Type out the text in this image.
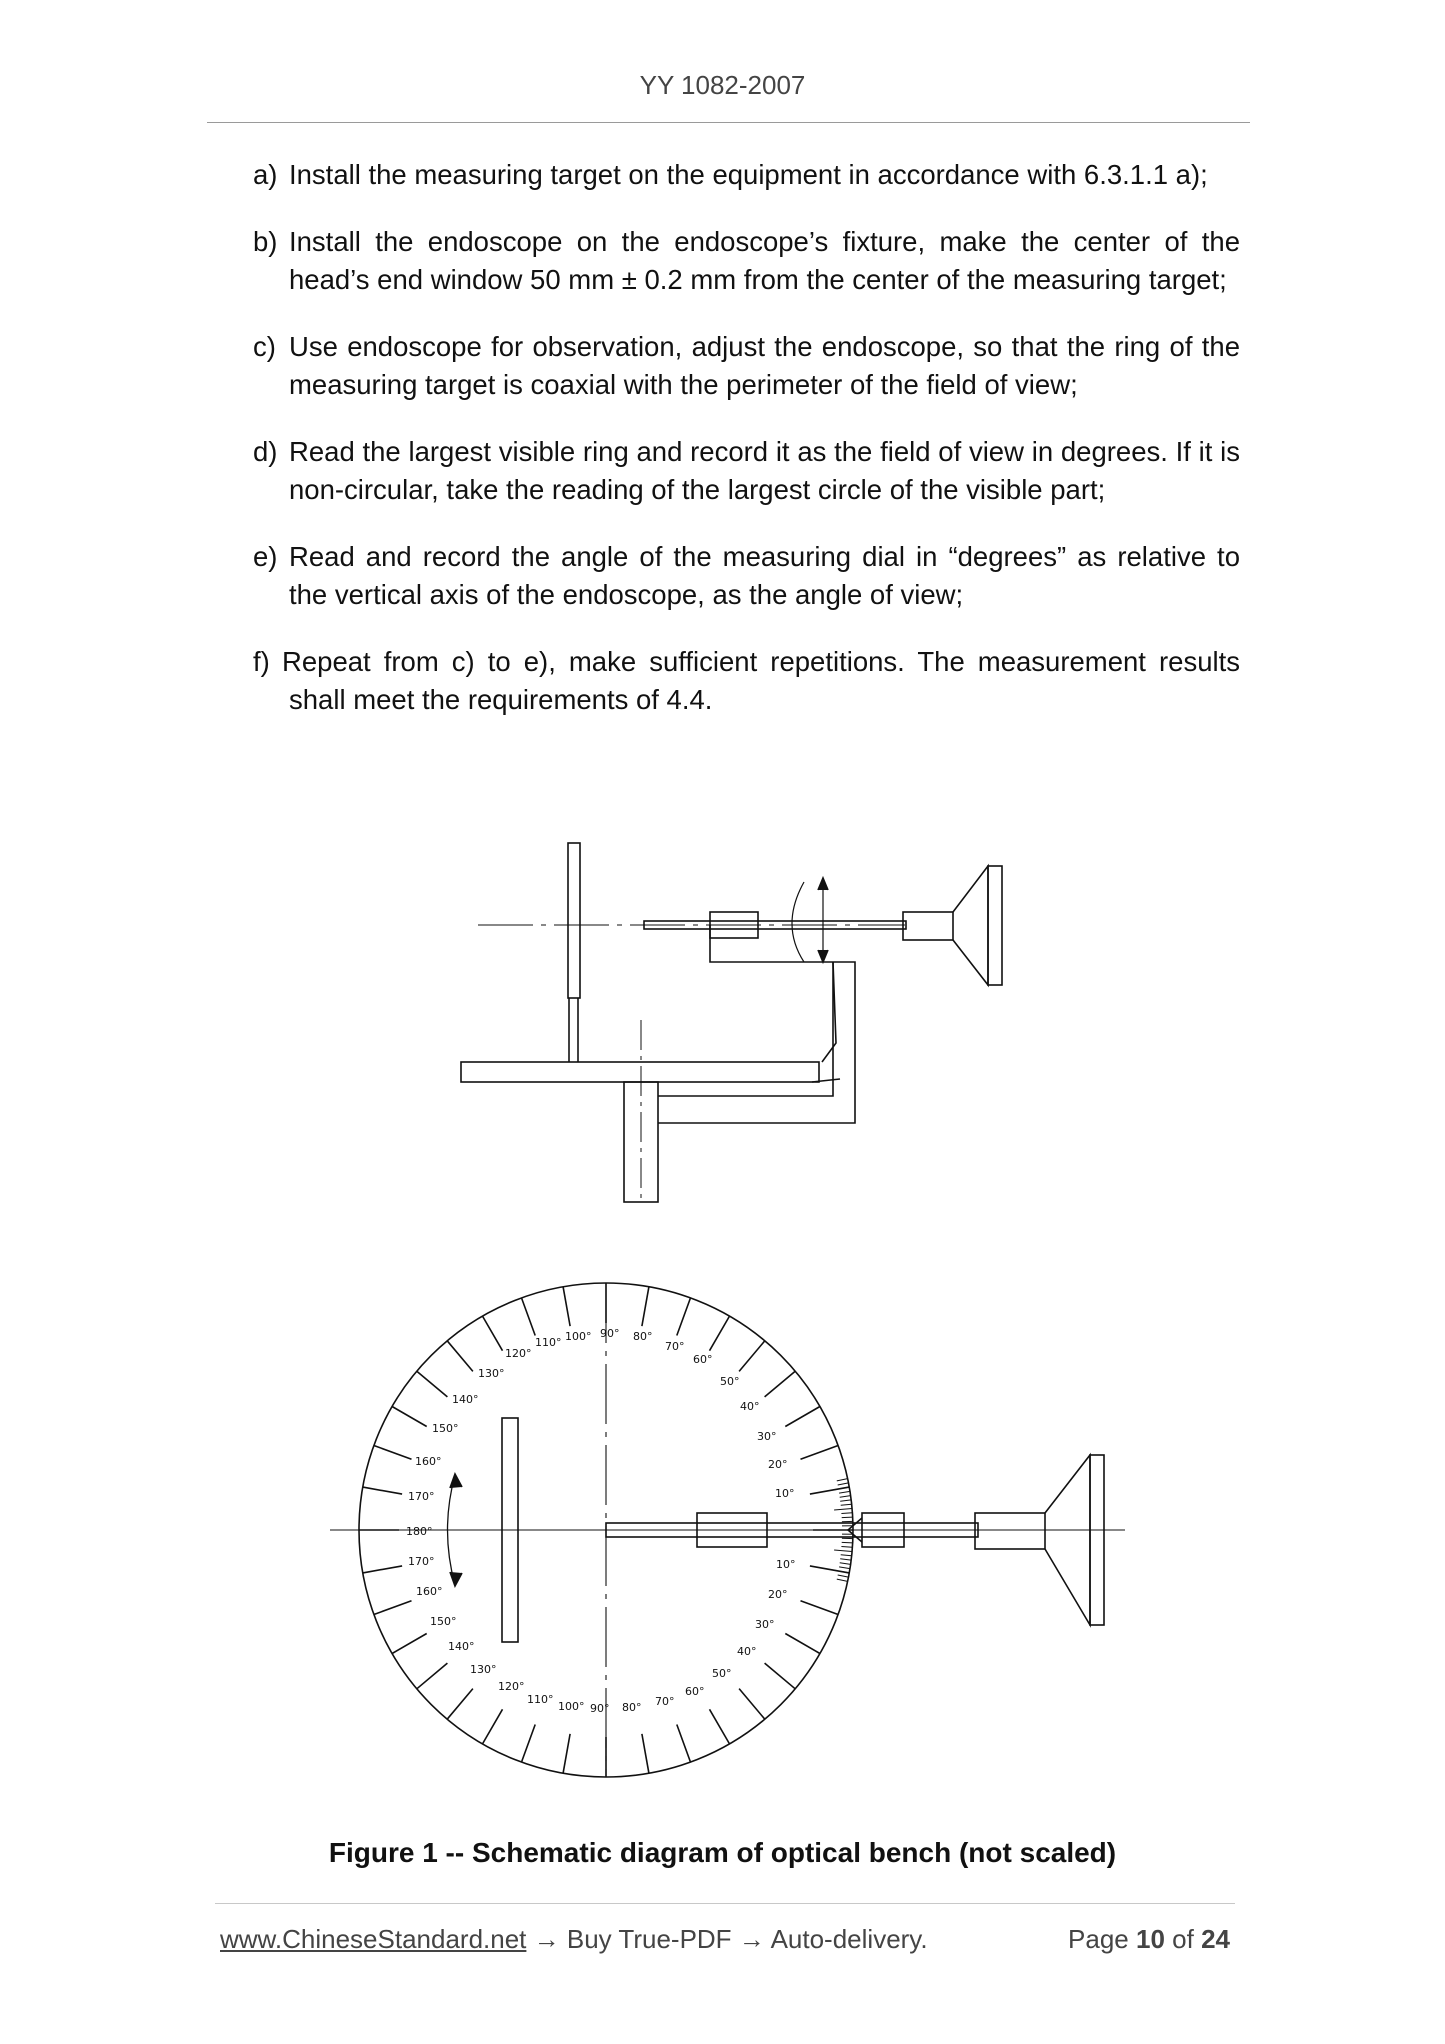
YY 1082-2007
a) Install the measuring target on the equipment in accordance with 6.3.1.1 a);
b) Install the endoscope on the endoscope’s fixture, make the center of the head’s end window 50 mm ± 0.2 mm from the center of the measuring target;
c) Use endoscope for observation, adjust the endoscope, so that the ring of the measuring target is coaxial with the perimeter of the field of view;
d) Read the largest visible ring and record it as the field of view in degrees. If it is non-circular, take the reading of the largest circle of the visible part;
e) Read and record the angle of the measuring dial in “degrees” as relative to the vertical axis of the endoscope, as the angle of view;
f) Repeat from c) to e), make sufficient repetitions. The measurement results shall meet the requirements of 4.4.
170°
160°
150°
140°
130°
120°
110° 100° 90° 80°
70°
60°
50°
40°
30°
20°
10°
180°
170°
160°
150°
140°
130°
120°
110°
100° 90° 80° 70°
60°
50°
40°
30°
20°
10°
Figure 1 -- Schematic diagram of optical bench (not scaled)
www.ChineseStandard.net → Buy True-PDF → Auto-delivery.	Page 10 of 24
